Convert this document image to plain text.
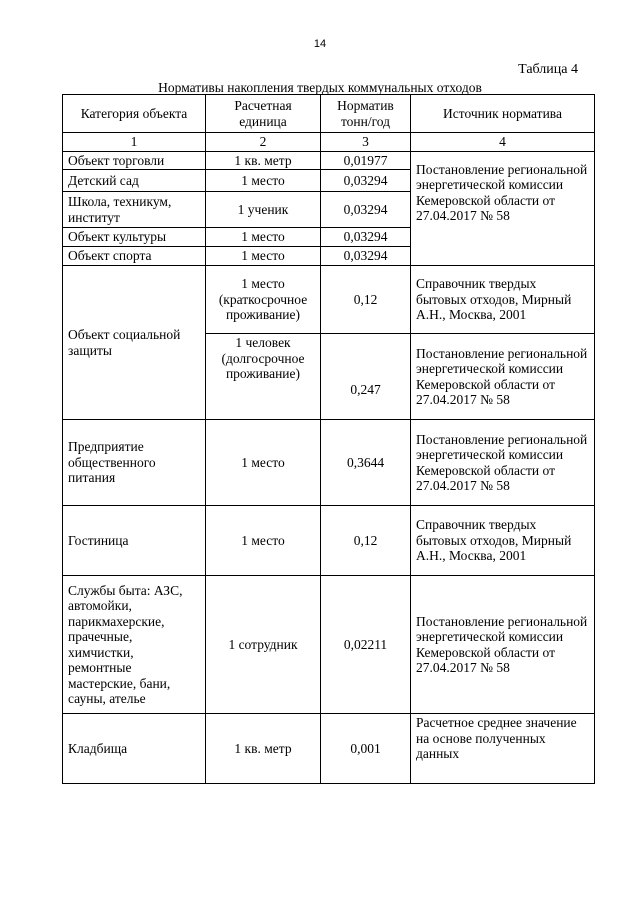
14
Таблица 4
Нормативы накопления твердых коммунальных отходов
Категория объекта	Расчетная единица	Норматив тонн/год	Источник норматива
1	2	3	4
Объект торговли	1 кв. метр	0,01977	Постановление региональной энергетической комиссии Кемеровской области от 27.04.2017 № 58
Детский сад	1 место	0,03294	
Школа, техникум, институт	1 ученик	0,03294	
Объект культуры	1 место	0,03294	
Объект спорта	1 место	0,03294	
Объект социальной защиты	1 место (краткосрочное проживание)	0,12	Справочник твердых бытовых отходов, Мирный А.Н., Москва, 2001
	1 человек (долгосрочное проживание)	0,247	Постановление региональной энергетической комиссии Кемеровской области от 27.04.2017 № 58
Предприятие общественного питания	1 место	0,3644	Постановление региональной энергетической комиссии Кемеровской области от 27.04.2017 № 58
Гостиница	1 место	0,12	Справочник твердых бытовых отходов, Мирный А.Н., Москва, 2001
Службы быта: АЗС, автомойки, парикмахерские, прачечные, химчистки, ремонтные мастерские, бани, сауны, ателье	1 сотрудник	0,02211	Постановление региональной энергетической комиссии Кемеровской области от 27.04.2017 № 58
Кладбища	1 кв. метр	0,001	Расчетное среднее значение на основе полученных данных
